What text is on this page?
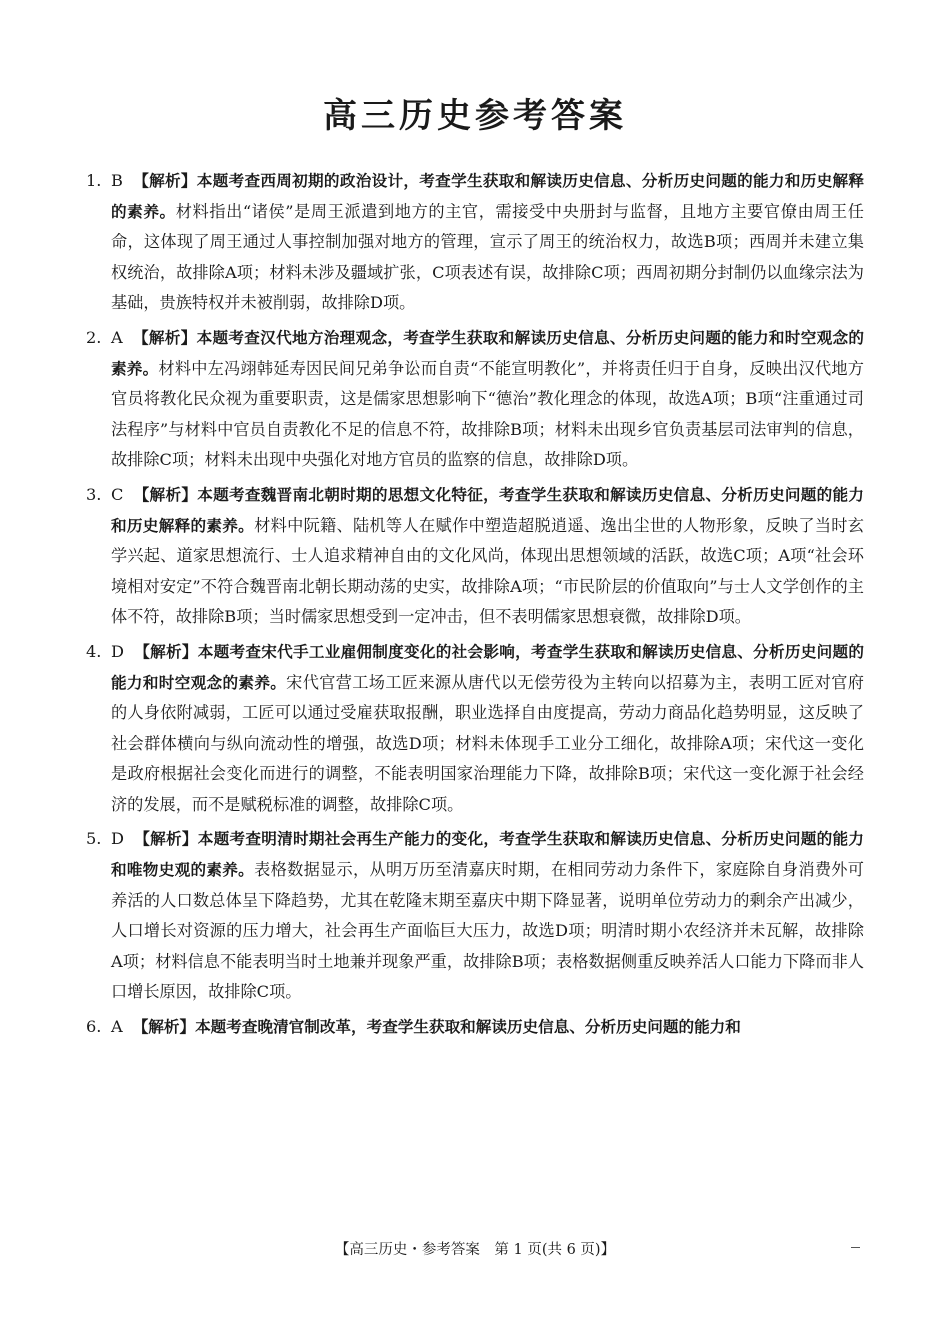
高三历史参考答案
1. B 【解析】本题考查西周初期的政治设计，考查学生获取和解读历史信息、分析历史问题的能力和历史解释的素养。材料指出“诸侯”是周王派遣到地方的主官，需接受中央册封与监督，且地方主要官僚由周王任命，这体现了周王通过人事控制加强对地方的管理，宣示了周王的统治权力，故选B项；西周并未建立集权统治，故排除A项；材料未涉及疆域扩张，C项表述有误，故排除C项；西周初期分封制仍以血缘宗法为基础，贵族特权并未被削弱，故排除D项。
2. A 【解析】本题考查汉代地方治理观念，考查学生获取和解读历史信息、分析历史问题的能力和时空观念的素养。材料中左冯翊韩延寿因民间兄弟争讼而自责“不能宣明教化”，并将责任归于自身，反映出汉代地方官员将教化民众视为重要职责，这是儒家思想影响下“德治”教化理念的体现，故选A项；B项“注重通过司法程序”与材料中官员自责教化不足的信息不符，故排除B项；材料未出现乡官负责基层司法审判的信息，故排除C项；材料未出现中央强化对地方官员的监察的信息，故排除D项。
3. C 【解析】本题考查魏晋南北朝时期的思想文化特征，考查学生获取和解读历史信息、分析历史问题的能力和历史解释的素养。材料中阮籍、陆机等人在赋作中塑造超脱逍遥、逸出尘世的人物形象，反映了当时玄学兴起、道家思想流行、士人追求精神自由的文化风尚，体现出思想领域的活跃，故选C项；A项“社会环境相对安定”不符合魏晋南北朝长期动荡的史实，故排除A项；“市民阶层的价值取向”与士人文学创作的主体不符，故排除B项；当时儒家思想受到一定冲击，但不表明儒家思想衰微，故排除D项。
4. D 【解析】本题考查宋代手工业雇佣制度变化的社会影响，考查学生获取和解读历史信息、分析历史问题的能力和时空观念的素养。宋代官营工场工匠来源从唐代以无偿劳役为主转向以招募为主，表明工匠对官府的人身依附减弱，工匠可以通过受雇获取报酬，职业选择自由度提高，劳动力商品化趋势明显，这反映了社会群体横向与纵向流动性的增强，故选D项；材料未体现手工业分工细化，故排除A项；宋代这一变化是政府根据社会变化而进行的调整，不能表明国家治理能力下降，故排除B项；宋代这一变化源于社会经济的发展，而不是赋税标准的调整，故排除C项。
5. D 【解析】本题考查明清时期社会再生产能力的变化，考查学生获取和解读历史信息、分析历史问题的能力和唯物史观的素养。表格数据显示，从明万历至清嘉庆时期，在相同劳动力条件下，家庭除自身消费外可养活的人口数总体呈下降趋势，尤其在乾隆末期至嘉庆中期下降显著，说明单位劳动力的剩余产出减少，人口增长对资源的压力增大，社会再生产面临巨大压力，故选D项；明清时期小农经济并未瓦解，故排除A项；材料信息不能表明当时土地兼并现象严重，故排除B项；表格数据侧重反映养活人口能力下降而非人口增长原因，故排除C项。
6. A 【解析】本题考查晚清官制改革，考查学生获取和解读历史信息、分析历史问题的能力和
【高三历史・参考答案　第 1 页(共 6 页)】
